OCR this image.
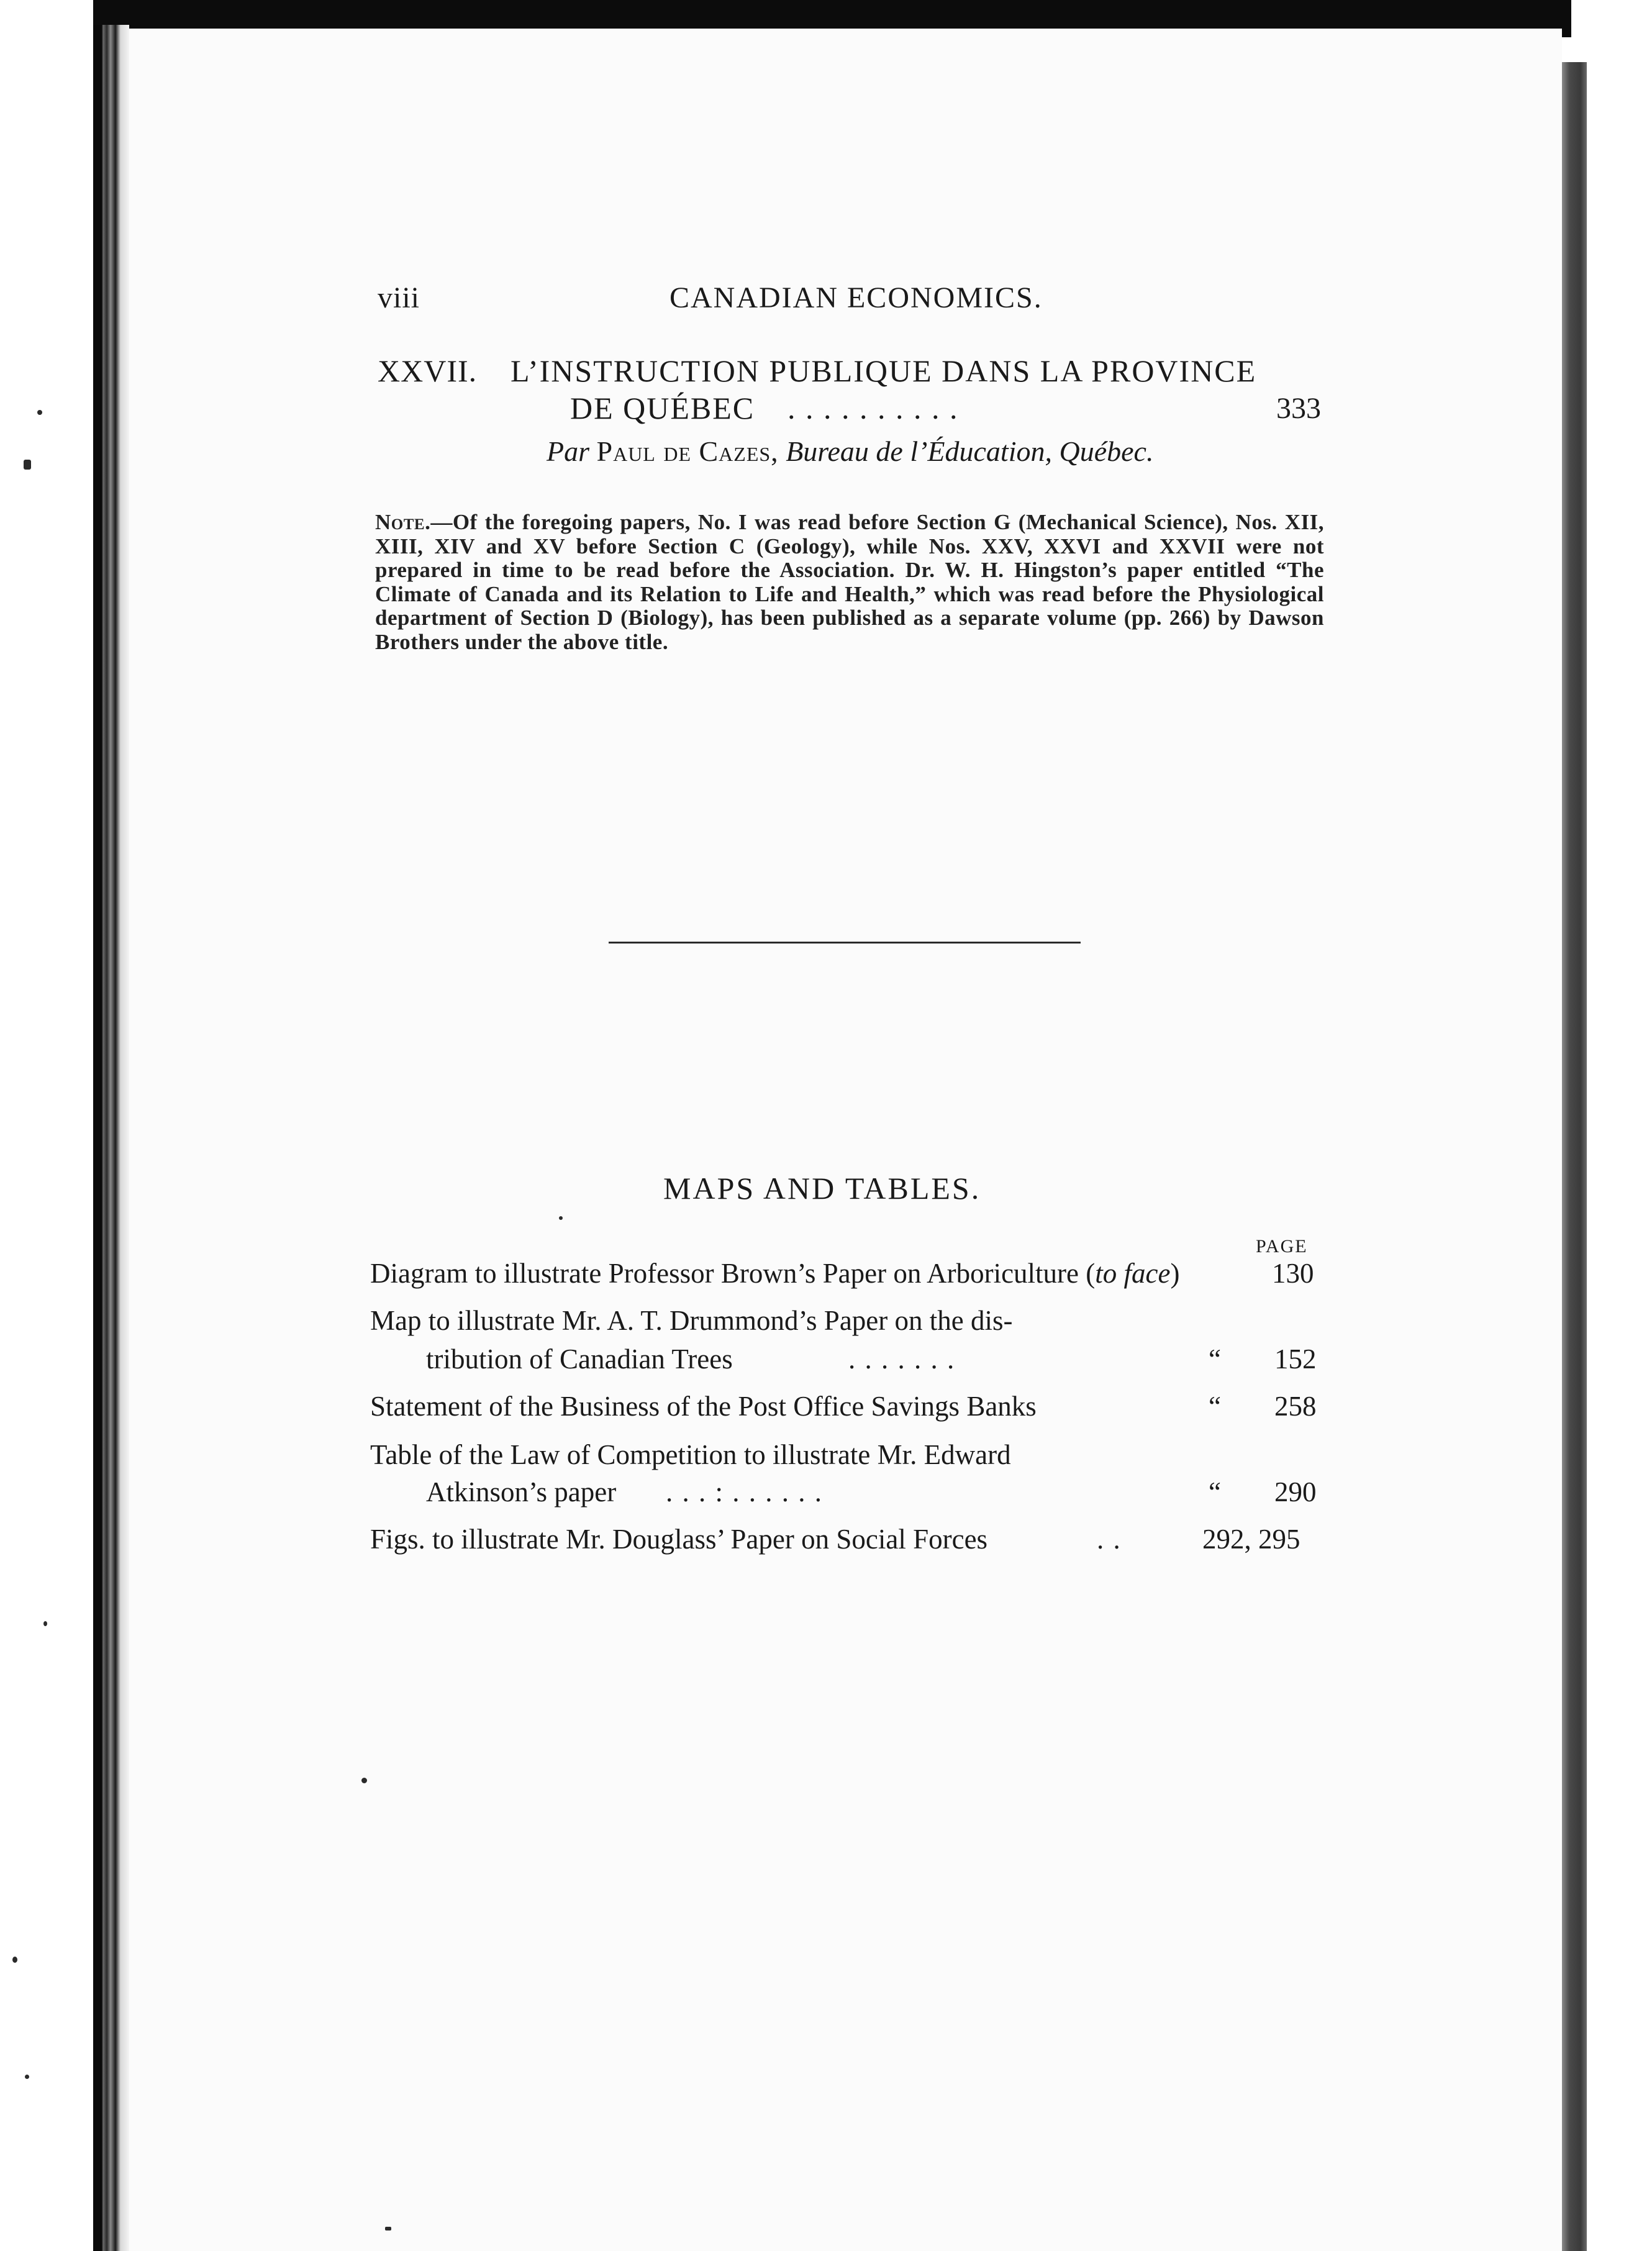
viii	CANADIAN ECONOMICS.
XXVII. L’INSTRUCTION PUBLIQUE DANS LA PROVINCE
DE QUÉBEC . . . . . . . . . .	333
Par Paul de Cazes, Bureau de l’Éducation, Québec.
Note.—Of the foregoing papers, No. I was read before Section G (Mechanical Science), Nos. XII, XIII, XIV and XV before Section C (Geology), while Nos. XXV, XXVI and XXVII were not prepared in time to be read before the Association. Dr. W. H. Hingston’s paper entitled “The Climate of Canada and its Relation to Life and Health,” which was read before the Physiological department of Section D (Biology), has been published as a separate volume (pp. 266) by Dawson Brothers under the above title.
MAPS AND TABLES.
PAGE
Diagram to illustrate Professor Brown’s Paper on Arboriculture (to face)	130
Map to illustrate Mr. A. T. Drummond’s Paper on the dis-
tribution of Canadian Trees	. . . . . . .	“ 152
Statement of the Business of the Post Office Savings Banks	“ 258
Table of the Law of Competition to illustrate Mr. Edward
Atkinson’s paper . . . : . . . . . .	“ 290
Figs. to illustrate Mr. Douglass’ Paper on Social Forces	. .	292, 295
